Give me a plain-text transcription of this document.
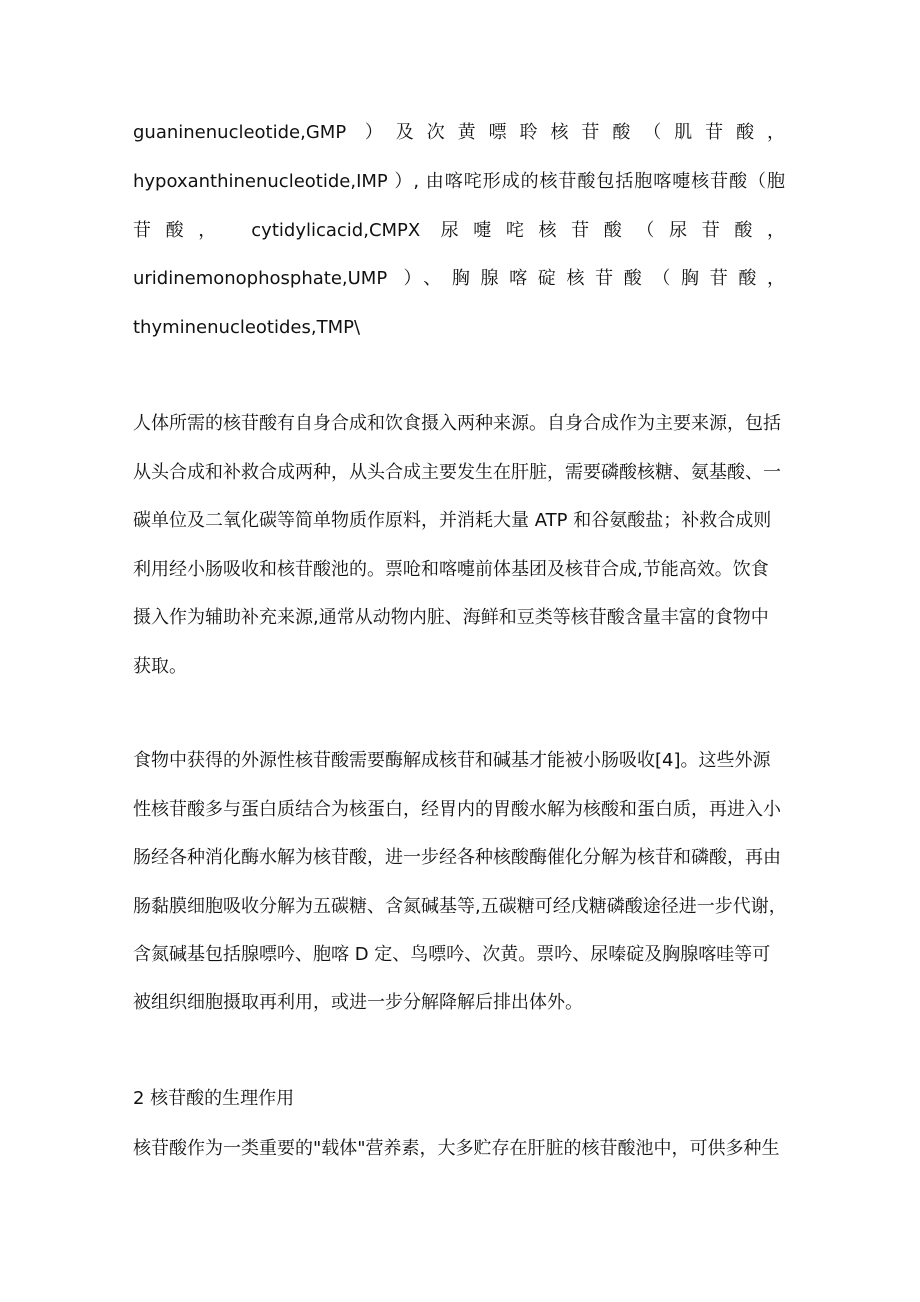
guaninenucleotide,GMP ）及次黄嘌聆核苷酸（肌苷酸，

hypoxanthinenucleotide,IMP ）, 由喀咤形成的核苷酸包括胞喀嚏核苷酸（胞

苷酸， cytidylicacid,CMPX 尿嚏咤核苷酸（尿苷酸，

uridinemonophosphate,UMP ）、胸腺喀碇核苷酸（胸苷酸，

thyminenucleotides,TMP\

人体所需的核苷酸有自身合成和饮食摄入两种来源。自身合成作为主要来源，包括

从头合成和补救合成两种，从头合成主要发生在肝脏，需要磷酸核糖、氨基酸、一

碳单位及二氧化碳等简单物质作原料，并消耗大量 ATP 和谷氨酸盐；补救合成则

利用经小肠吸收和核苷酸池的。票呛和喀嚏前体基团及核苷合成,节能高效。饮食

摄入作为辅助补充来源,通常从动物内脏、海鲜和豆类等核苷酸含量丰富的食物中

获取。

食物中获得的外源性核苷酸需要酶解成核苷和碱基才能被小肠吸收[4]。这些外源

性核苷酸多与蛋白质结合为核蛋白，经胃内的胃酸水解为核酸和蛋白质，再进入小

肠经各种消化酶水解为核苷酸，进一步经各种核酸酶催化分解为核苷和磷酸，再由

肠黏膜细胞吸收分解为五碳糖、含氮碱基等,五碳糖可经戊糖磷酸途径进一步代谢，

含氮碱基包括腺嘌吟、胞喀 D 定、鸟嘌吟、次黄。票吟、尿嗪碇及胸腺喀哇等可

被组织细胞摄取再利用，或进一步分解降解后排出体外。

2 核苷酸的生理作用

核苷酸作为一类重要的"载体"营养素，大多贮存在肝脏的核苷酸池中，可供多种生
